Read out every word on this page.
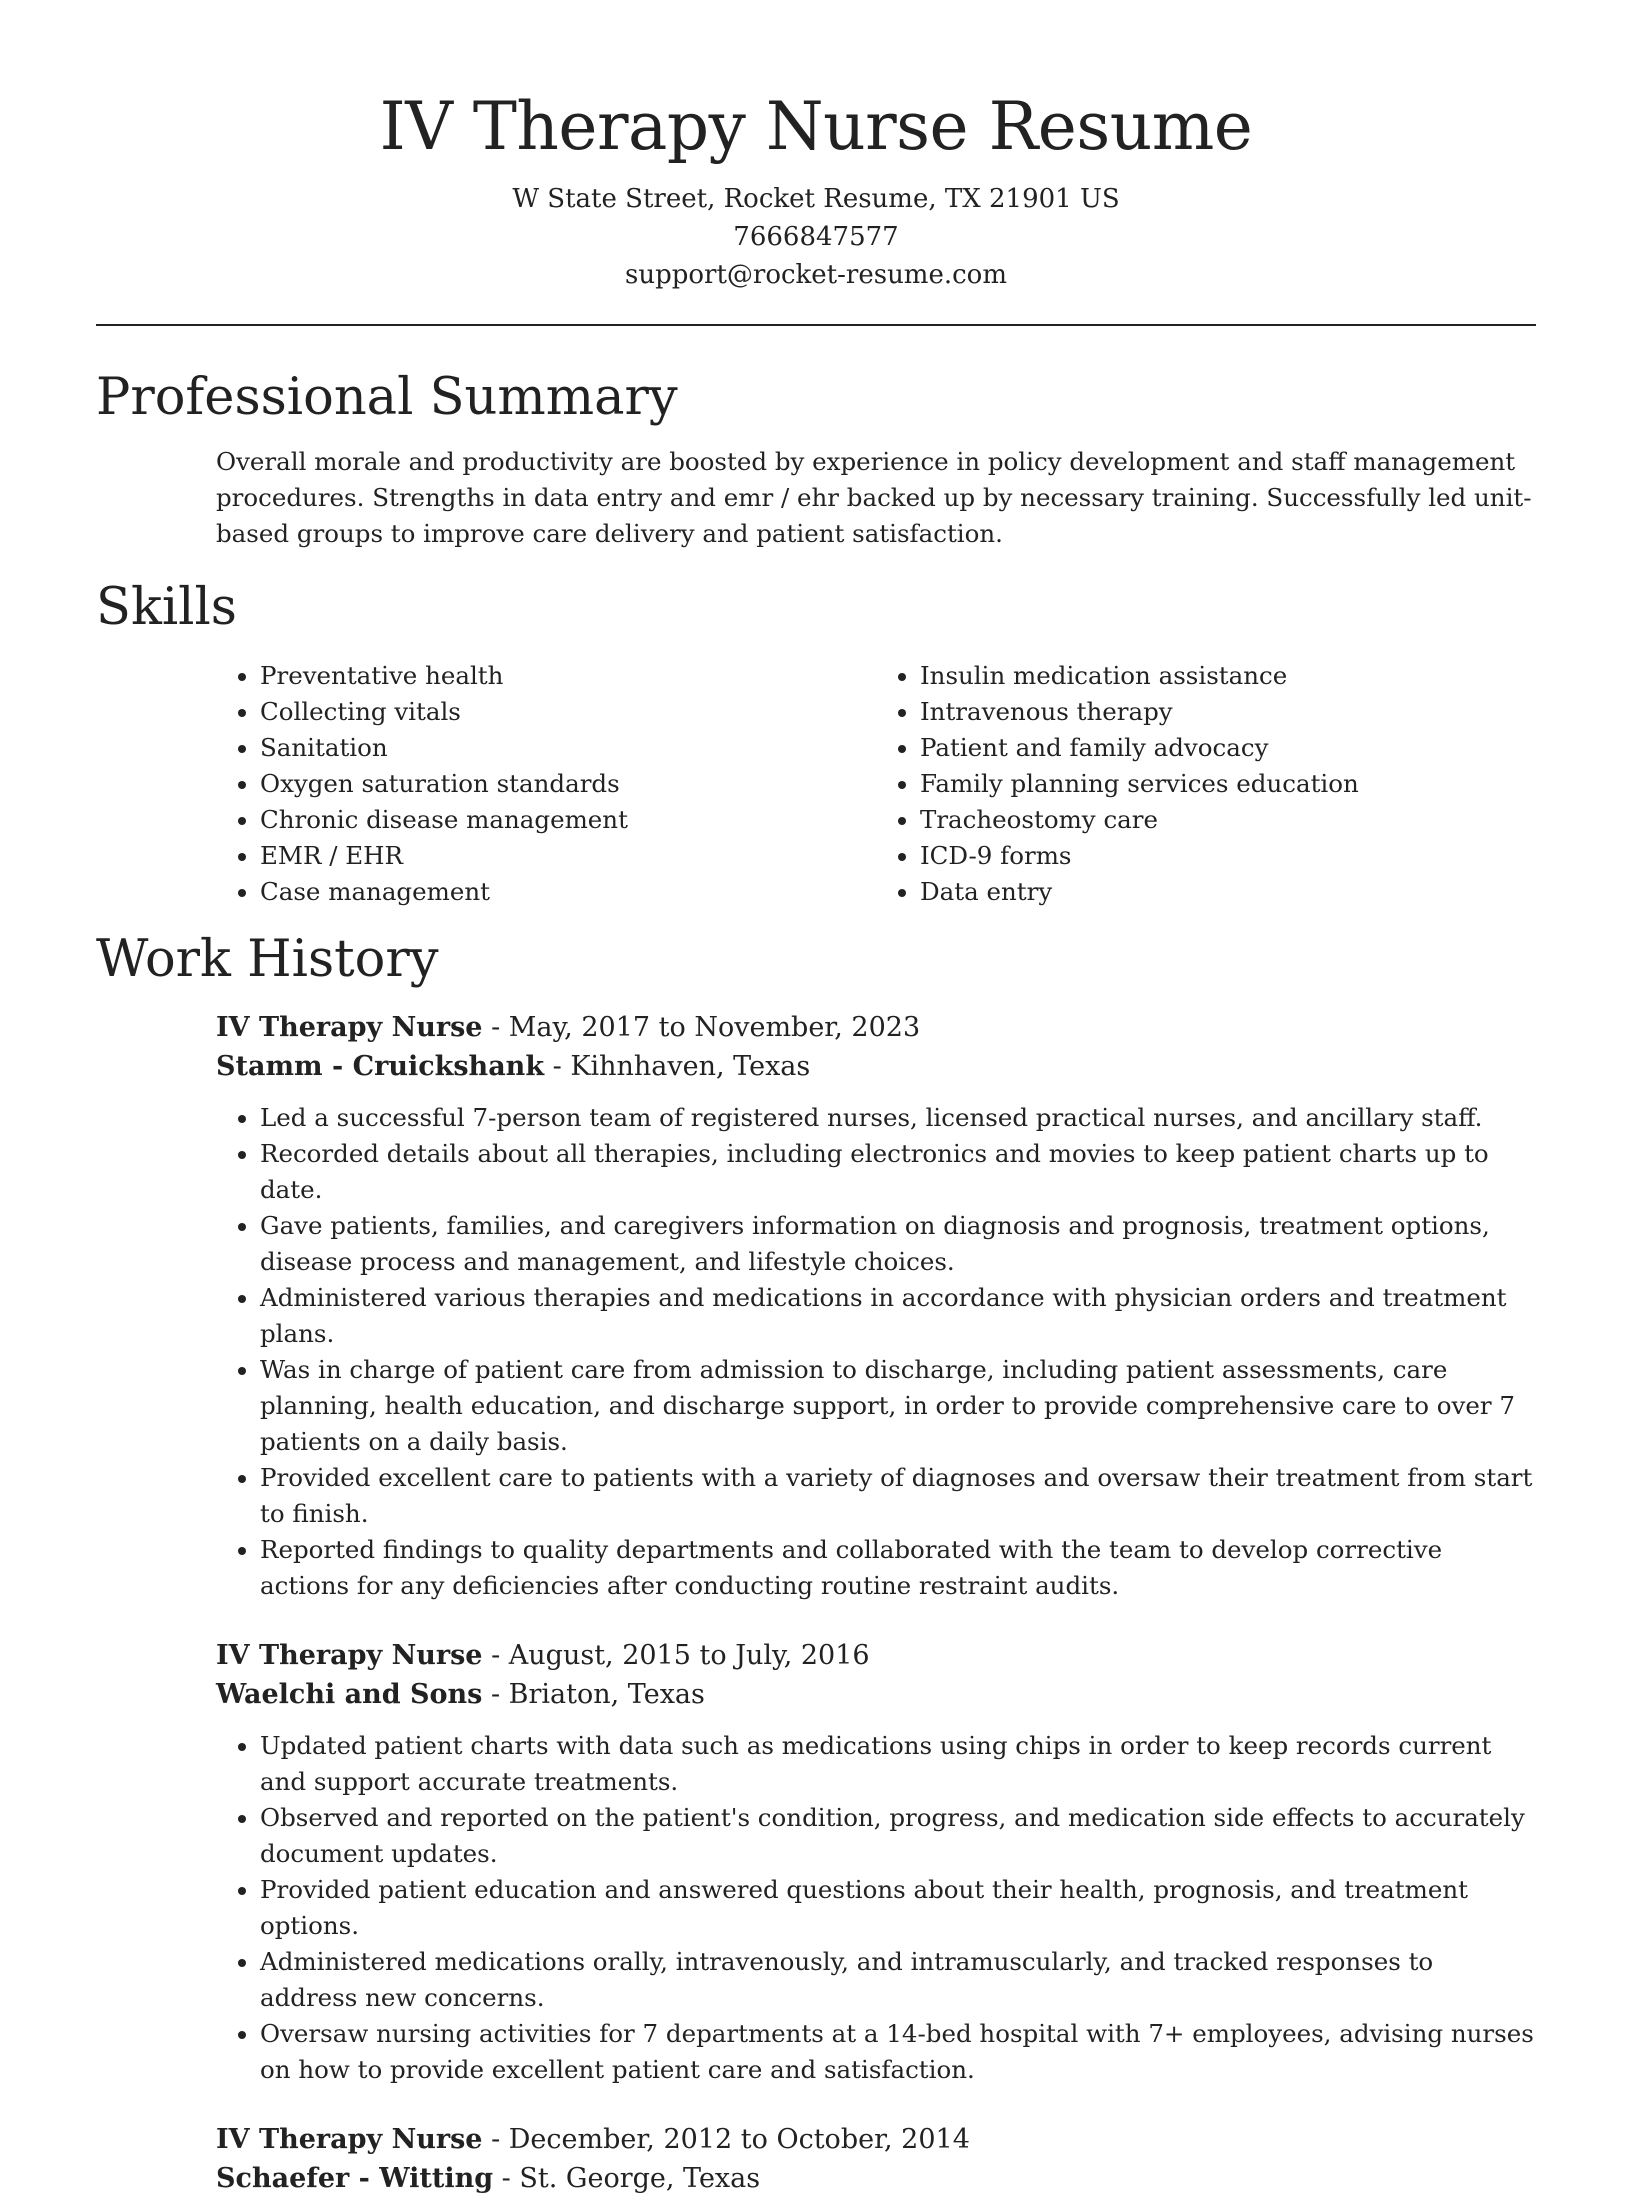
IV Therapy Nurse Resume
W State Street, Rocket Resume, TX 21901 US
7666847577
support@rocket-resume.com
Professional Summary

Overall morale and productivity are boosted by experience in policy development and staff management procedures. Strengths in data entry and emr / ehr backed up by necessary training. Successfully led unit-based groups to improve care delivery and patient satisfaction.

Skills
• Preventative health
• Collecting vitals
• Sanitation
• Oxygen saturation standards
• Chronic disease management
• EMR / EHR
• Case management
• Insulin medication assistance
• Intravenous therapy
• Patient and family advocacy
• Family planning services education
• Tracheostomy care
• ICD-9 forms
• Data entry
Work History
IV Therapy Nurse - May, 2017 to November, 2023
Stamm - Cruickshank - Kihnhaven, Texas
• Led a successful 7-person team of registered nurses, licensed practical nurses, and ancillary staff.
• Recorded details about all therapies, including electronics and movies to keep patient charts up to date.
• Gave patients, families, and caregivers information on diagnosis and prognosis, treatment options, disease process and management, and lifestyle choices.
• Administered various therapies and medications in accordance with physician orders and treatment plans.
• Was in charge of patient care from admission to discharge, including patient assessments, care planning, health education, and discharge support, in order to provide comprehensive care to over 7 patients on a daily basis.
• Provided excellent care to patients with a variety of diagnoses and oversaw their treatment from start to finish.
• Reported findings to quality departments and collaborated with the team to develop corrective actions for any deficiencies after conducting routine restraint audits.
IV Therapy Nurse - August, 2015 to July, 2016
Waelchi and Sons - Briaton, Texas
• Updated patient charts with data such as medications using chips in order to keep records current and support accurate treatments.
• Observed and reported on the patient's condition, progress, and medication side effects to accurately document updates.
• Provided patient education and answered questions about their health, prognosis, and treatment options.
• Administered medications orally, intravenously, and intramuscularly, and tracked responses to address new concerns.
• Oversaw nursing activities for 7 departments at a 14-bed hospital with 7+ employees, advising nurses on how to provide excellent patient care and satisfaction.
IV Therapy Nurse - December, 2012 to October, 2014
Schaefer - Witting - St. George, Texas
